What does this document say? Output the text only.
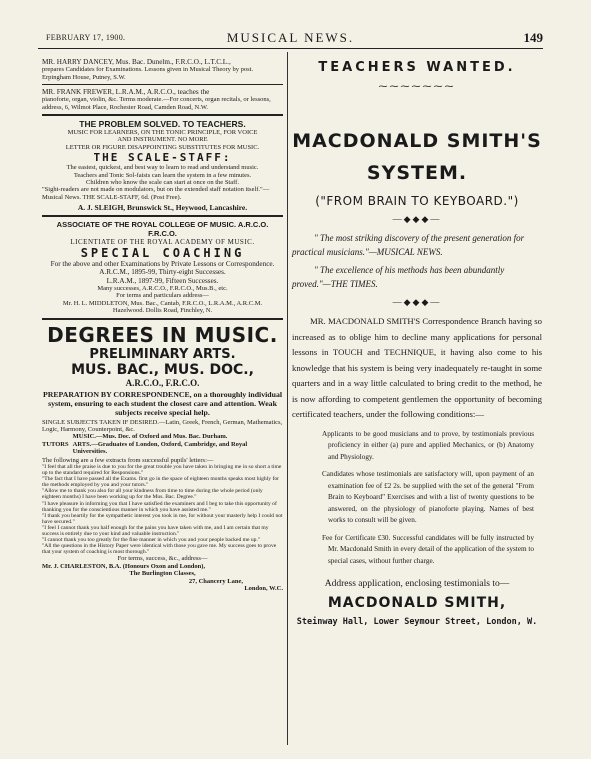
FEBRUARY 17, 1900.	MUSICAL NEWS.	149

MR. HARRY DANCEY, Mus. Bac. Dunelm., F.R.C.O., L.T.C.L.,

prepares Candidates for Examinations. Lessons given in Musical Theory by post. Erpingham House, Putney, S.W.

MR. FRANK FREWER, L.R.A.M., A.R.C.O., teaches the

pianoforte, organ, violin, &c. Terms moderate.—For concerts, organ recitals, or lessons, address, 6, Wilmot Place, Rochester Road, Camden Road, N.W.

THE PROBLEM SOLVED. TO TEACHERS.

MUSIC FOR LEARNERS, ON THE TONIC PRINCIPLE, FOR VOICE

AND INSTRUMENT. NO MORE

LETTER OR FIGURE DISAPPOINTING SUBSTITUTES FOR MUSIC.

THE SCALE-STAFF:

The easiest, quickest, and best way to learn to read and understand music.

Teachers and Tonic Sol-faists can learn the system in a few minutes.

Children who know the scale can start at once on the Staff.

"Sight-readers are not made on modulators, but on the extended staff notation itself."—Musical News. THE SCALE-STAFF, 6d. (Post Free).

A. J. SLEIGH, Brunswick St., Heywood, Lancashire.

ASSOCIATE OF THE ROYAL COLLEGE OF MUSIC. A.R.C.O. F.R.C.O.

LICENTIATE OF THE ROYAL ACADEMY OF MUSIC.

SPECIAL COACHING

For the above and other Examinations by Private Lessons or Correspondence.

A.R.C.M., 1895-99, Thirty-eight Successes.

L.R.A.M., 1897-99, Fifteen Successes.

Many successes, A.R.C.O., F.R.C.O., Mus.B., etc.

For terms and particulars address—

Mr. H. L. MIDDLETON, Mus. Bac., Cantab, F.R.C.O., L.R.A.M., A.R.C.M.

Hazelwood. Dollis Road, Finchley, N.

DEGREES IN MUSIC.

PRELIMINARY ARTS.

MUS. BAC., MUS. DOC.,

A.R.C.O., F.R.C.O.

PREPARATION BY CORRESPONDENCE, on a thoroughly individual system, ensuring to each student the closest care and attention. Weak subjects receive special help.

SINGLE SUBJECTS TAKEN IF DESIRED.—Latin, Greek, French, German, Mathematics, Logic, Harmony, Counterpoint, &c.

TUTORS

MUSIC.—Mus. Doc. of Oxford and Mus. Bac. Durham.

ARTS.—Graduates of London, Oxford, Cambridge, and Royal Universities.

The following are a few extracts from successful pupils' letters:—

"I feel that all the praise is due to you for the great trouble you have taken in bringing me in so short a time up to the standard required for Responsions."

"The fact that I have passed all the Exams. first go in the space of eighteen months speaks most highly for the methods employed by you and your tutors."

"Allow me to thank you also for all your kindness from time to time during the whole period (only eighteen months) I have been working up for the Mus. Bac. Degree."

"I have pleasure in informing you that I have satisfied the examiners and I beg to take this opportunity of thanking you for the conscientious manner in which you have assisted me."

"I thank you heartily for the sympathetic interest you took in me, for without your masterly help I could not have secured."

"I feel I cannot thank you half enough for the pains you have taken with me, and I am certain that my success is entirely due to your kind and valuable instruction."

"I cannot thank you too greatly for the fine manner in which you and your people backed me up."

"All the questions in the History Paper were identical with those you gave me. My success goes to prove that your system of coaching is most thorough."

For terms, success, &c., address—

Mr. J. CHARLESTON, B.A. (Honours Oxon and London),

The Burlington Classes,

27, Chancery Lane,

London, W.C.

TEACHERS WANTED.

⁓⁓⁓⁓⁓⁓⁓

MACDONALD SMITH'S

SYSTEM.

("FROM BRAIN TO KEYBOARD.")

—◆◆◆—

" The most striking discovery of the present generation for practical musicians."—MUSICAL NEWS.

" The excellence of his methods has been abundantly proved."—THE TIMES.

—◆◆◆—

MR. MACDONALD SMITH'S Correspondence Branch having so increased as to oblige him to decline many applications for personal lessons in TOUCH and TECHNIQUE, it having also come to his knowledge that his system is being very inadequately re-taught in some quarters and in a way little calculated to bring credit to the method, he is now affording to competent gentlemen the opportunity of becoming certificated teachers, under the following conditions:—

Applicants to be good musicians and to prove, by testimonials previous proficiency in either (a) pure and applied Mechanics, or (b) Anatomy and Physiology.

Candidates whose testimonials are satisfactory will, upon payment of an examination fee of £2 2s. be supplied with the set of the general "From Brain to Keyboard" Exercises and with a list of twenty questions to be answered, on the physiology of pianoforte playing. Names of best works to consult will be given.

Fee for Certificate £30. Successful candidates will be fully instructed by Mr. Macdonald Smith in every detail of the application of the system to special cases, without further charge.

Address application, enclosing testimonials to—

MACDONALD SMITH,

Steinway Hall, Lower Seymour Street, London, W.
